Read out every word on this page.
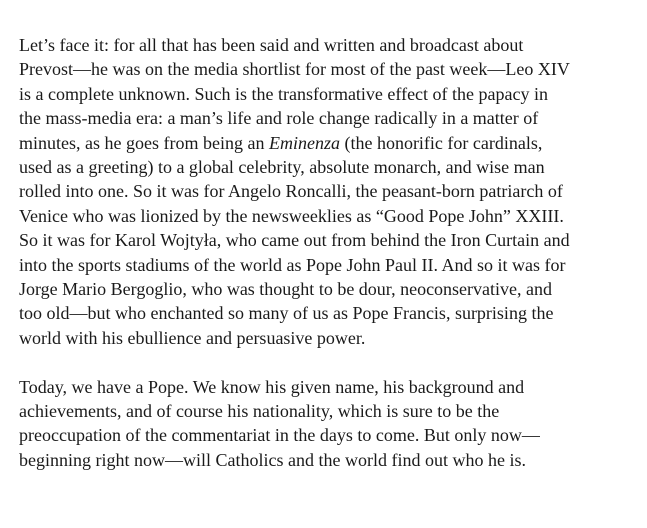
Let’s face it: for all that has been said and written and broadcast about
Prevost—he was on the media shortlist for most of the past week—Leo XIV
is a complete unknown. Such is the transformative effect of the papacy in
the mass-media era: a man’s life and role change radically in a matter of
minutes, as he goes from being an Eminenza (the honorific for cardinals,
used as a greeting) to a global celebrity, absolute monarch, and wise man
rolled into one. So it was for Angelo Roncalli, the peasant-born patriarch of
Venice who was lionized by the newsweeklies as “Good Pope John” XXIII.
So it was for Karol Wojtyła, who came out from behind the Iron Curtain and
into the sports stadiums of the world as Pope John Paul II. And so it was for
Jorge Mario Bergoglio, who was thought to be dour, neoconservative, and
too old—but who enchanted so many of us as Pope Francis, surprising the
world with his ebullience and persuasive power.

Today, we have a Pope. We know his given name, his background and
achievements, and of course his nationality, which is sure to be the
preoccupation of the commentariat in the days to come. But only now—
beginning right now—will Catholics and the world find out who he is.
